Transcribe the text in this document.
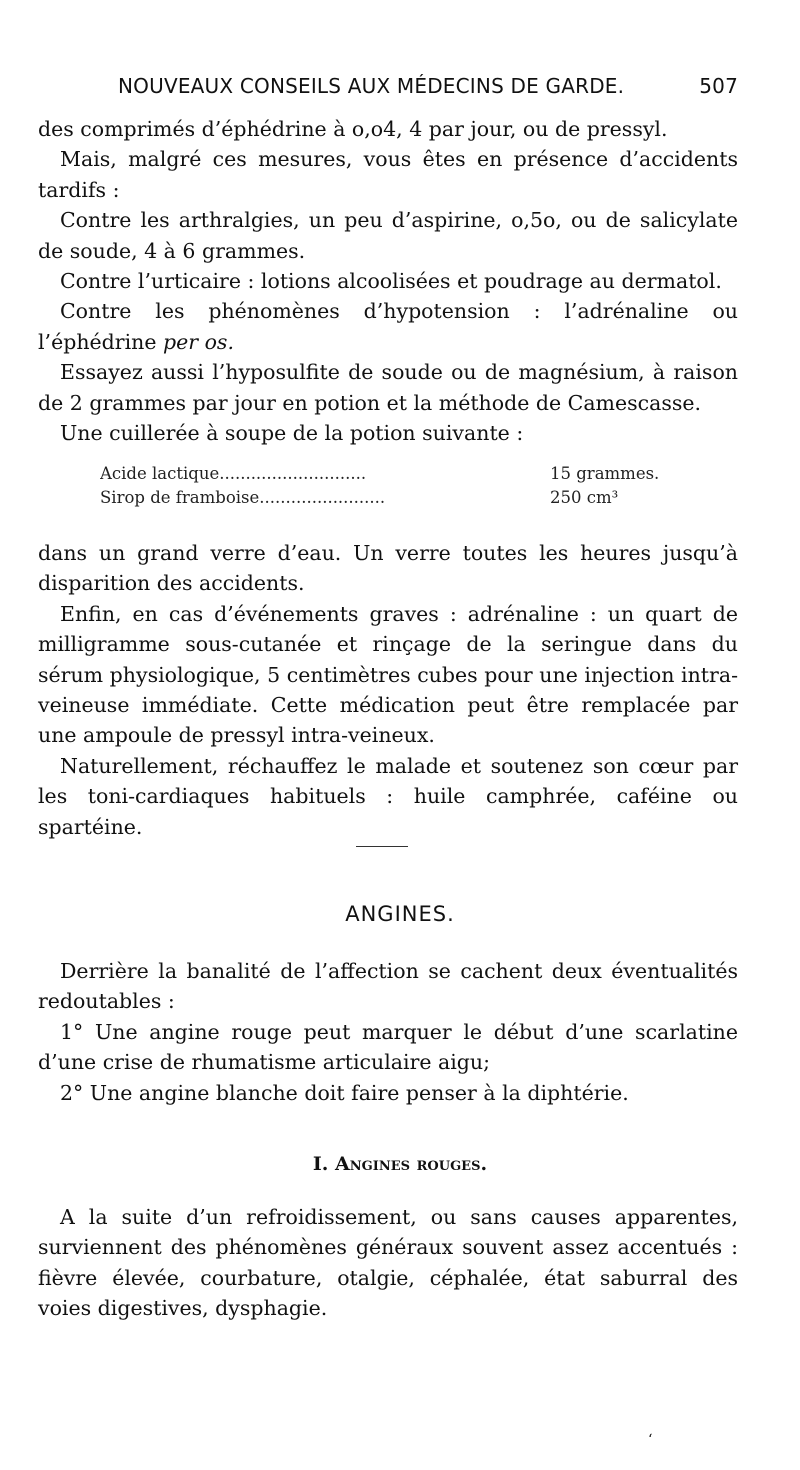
NOUVEAUX CONSEILS AUX MÉDECINS DE GARDE.	507

des comprimés d’éphédrine à o,o4, 4 par jour, ou de pressyl.

Mais, malgré ces mesures, vous êtes en présence d’accidents tardifs :

Contre les arthralgies, un peu d’aspirine, o,5o, ou de salicylate de soude, 4 à 6 grammes.

Contre l’urticaire : lotions alcoolisées et poudrage au dermatol.

Contre les phénomènes d’hypotension : l’adrénaline ou l’éphédrine per os.

Essayez aussi l’hyposulfite de soude ou de magnésium, à raison de 2 grammes par jour en potion et la méthode de Camescasse.

Une cuillerée à soupe de la potion suivante :

Acide lactique............................	15 grammes.
Sirop de framboise........................	250 cm³

dans un grand verre d’eau. Un verre toutes les heures jusqu’à disparition des accidents.

Enfin, en cas d’événements graves : adrénaline : un quart de milligramme sous-cutanée et rinçage de la seringue dans du sérum physiologique, 5 centimètres cubes pour une injection intra-veineuse immédiate. Cette médication peut être remplacée par une ampoule de pressyl intra-veineux.

Naturellement, réchauffez le malade et soutenez son cœur par les toni-cardiaques habituels : huile camphrée, caféine ou spartéine.

ANGINES.

Derrière la banalité de l’affection se cachent deux éventualités redoutables :

1° Une angine rouge peut marquer le début d’une scarlatine d’une crise de rhumatisme articulaire aigu;

2° Une angine blanche doit faire penser à la diphtérie.

I. Angines rouges.

A la suite d’un refroidissement, ou sans causes apparentes, surviennent des phénomènes généraux souvent assez accentués : fièvre élevée, courbature, otalgie, céphalée, état saburral des voies digestives, dysphagie.

‘
